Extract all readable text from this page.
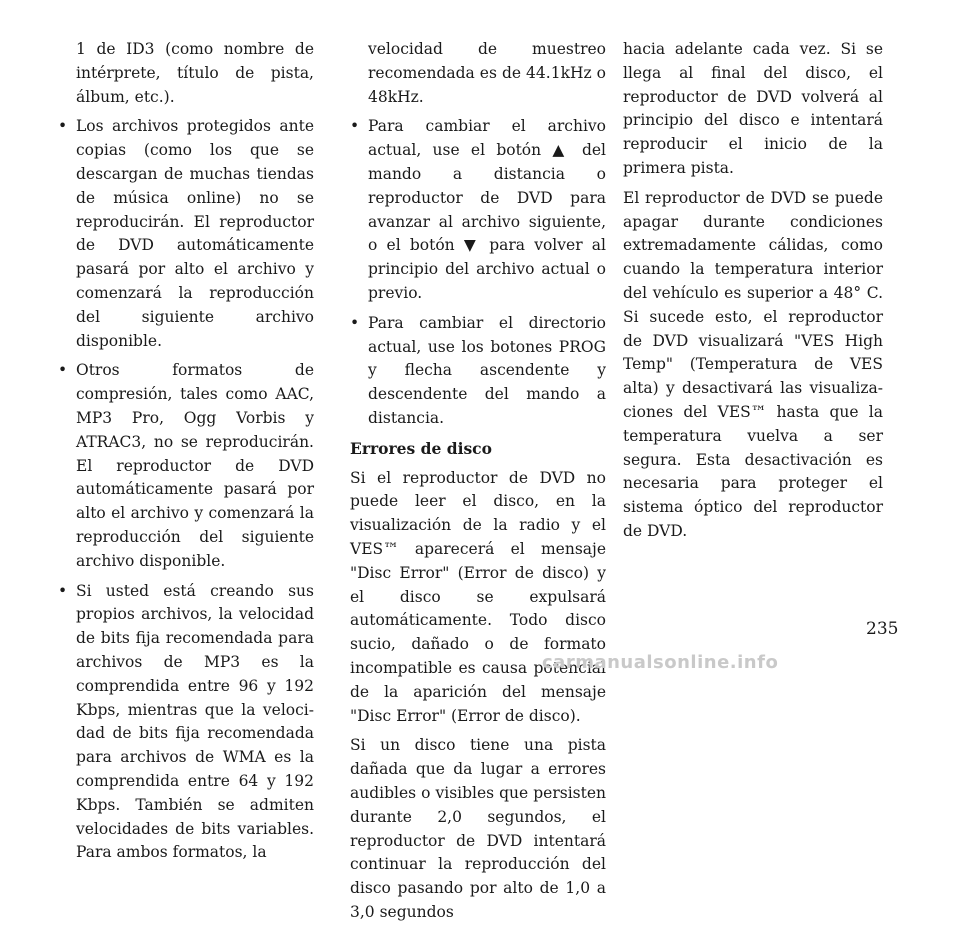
1 de ID3 (como nombre de intérprete, título de pista, álbum, etc.).

• Los archivos protegidos ante copias (como los que se descargan de muchas tiendas de música online) no se reproducirán. El reproductor de DVD automáticamente pasará por alto el archivo y comenzará la reproducción del siguiente archivo disponible.

• Otros formatos de compresión, tales como AAC, MP3 Pro, Ogg Vorbis y ATRAC3, no se reproducirán. El reproductor de DVD automáticamente pasará por alto el archivo y comenzará la reproducción del siguiente archivo disponible.

• Si usted está creando sus propios archivos, la velocidad de bits fija recomendada para archivos de MP3 es la comprendida entre 96 y 192 Kbps, mientras que la velocidad de bits fija recomendada para archivos de WMA es la comprendida entre 64 y 192 Kbps. También se admiten velocidades de bits variables. Para ambos formatos, la

velocidad de muestreo recomendada es de 44.1kHz o 48kHz.

• Para cambiar el archivo actual, use el botón ▲ del mando a distancia o reproductor de DVD para avanzar al archivo siguiente, o el botón ▼ para volver al principio del archivo actual o previo.

• Para cambiar el directorio actual, use los botones PROG y flecha ascendente y descendente del mando a distancia.

Errores de disco

Si el reproductor de DVD no puede leer el disco, en la visualización de la radio y el VES™ aparecerá el mensaje "Disc Error" (Error de disco) y el disco se expulsará automáticamente. Todo disco sucio, dañado o de formato incompatible es causa potencial de la aparición del mensaje "Disc Error" (Error de disco).

Si un disco tiene una pista dañada que da lugar a errores audibles o visibles que persisten durante 2,0 segundos, el reproductor de DVD intentará continuar la reproducción del disco pasando por alto de 1,0 a 3,0 segundos

hacia adelante cada vez. Si se llega al final del disco, el reproductor de DVD volverá al principio del disco e intentará reproducir el inicio de la primera pista.

El reproductor de DVD se puede apagar durante condiciones extremadamente cálidas, como cuando la temperatura interior del vehículo es superior a 48° C. Si sucede esto, el reproductor de DVD visualizará "VES High Temp" (Temperatura de VES alta) y desactivará las visualizaciones del VES™ hasta que la temperatura vuelva a ser segura. Esta desactivación es necesaria para proteger el sistema óptico del reproductor de DVD.

235
carmanualsonline.info
